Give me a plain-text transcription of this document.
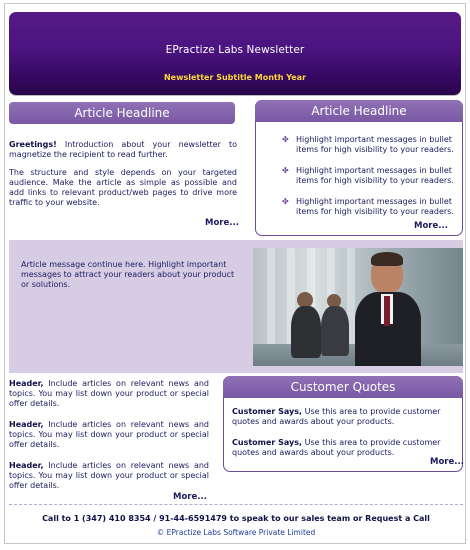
EPractize Labs Newsletter
Newsletter Subtitle Month Year
Article Headline

Greetings! Introduction about your newsletter to magnetize the recipient to read further.

The structure and style depends on your targeted audience. Make the article as simple as possible and add links to relevant product/web pages to drive more traffic to your website.

More...
Article Headline
✤ Highlight important messages in bullet items for high visibility to your readers.
✤ Highlight important messages in bullet items for high visibility to your readers.
✤ Highlight important messages in bullet items for high visibility to your readers.
More...
Article message continue here. Highlight important messages to attract your readers about your product or solutions.

Header, Include articles on relevant news and topics. You may list down your product or special offer details.

Header, Include articles on relevant news and topics. You may list down your product or special offer details.

Header, Include articles on relevant news and topics. You may list down your product or special offer details.

More...
Customer Quotes

Customer Says, Use this area to provide customer quotes and awards about your products.

Customer Says, Use this area to provide customer quotes and awards about your products.

More...
Call to 1 (347) 410 8354 / 91-44-6591479 to speak to our sales team or Request a Call
© EPractize Labs Software Private Limited
